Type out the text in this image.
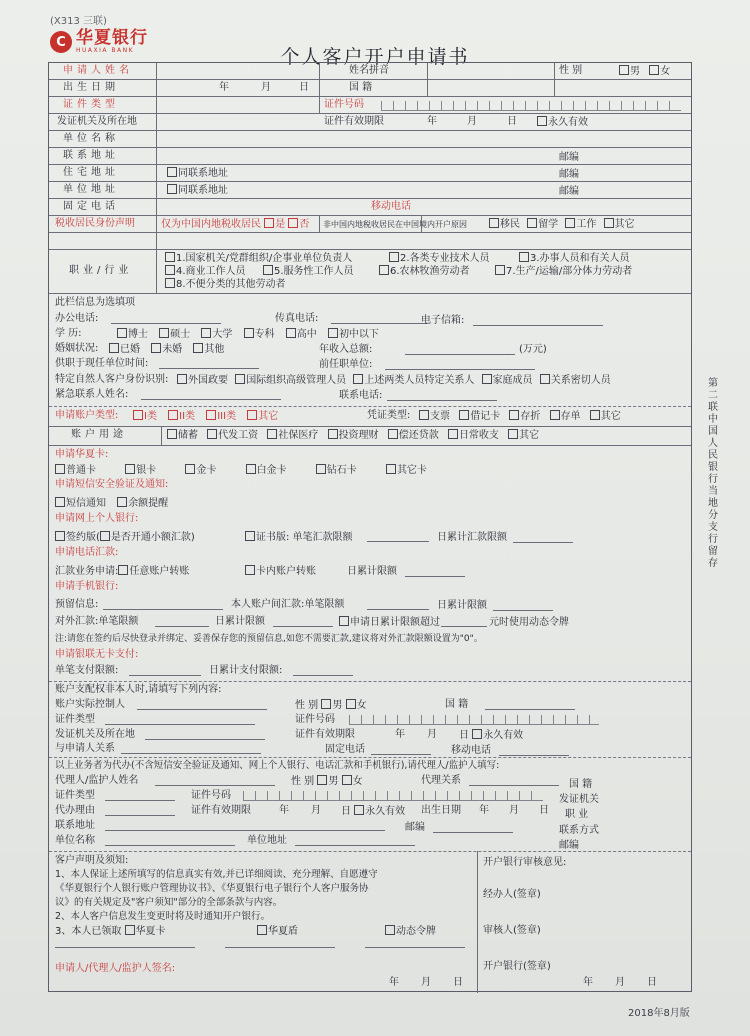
(X313 三联)
C 华夏银行
HUAXIA BANK	个人客户开户申请书
申请人姓名	姓名拼音	性 别	男 女
出生日期	年	月	日	国 籍
证件类型	证件号码
发证机关及所在地	证件有效期限	年	月	日	永久有效
单位名称
联系地址	邮编
住宅地址	同联系地址	邮编
单位地址	同联系地址	邮编
固定电话	移动电话
税收居民身份声明	仅为中国内地税收居民 是 否 非中国内地税收居民在中国境内开户原因	移民 留学 工作 其它
职业/行业
1.国家机关/党群组织/企事业单位负责人	2.各类专业技术人员	3.办事人员和有关人员
4.商业工作人员	5.服务性工作人员	6.农林牧渔劳动者	7.生产/运输/部分体力劳动者
8.不便分类的其他劳动者
此栏信息为选填项
办公电话:	传真电话:	电子信箱:
学 历:	博士 硕士 大学 专科 高中 初中以下
婚姻状况:	已婚 未婚 其他	年收入总额:	(万元)
供职于现任单位时间:	前任职单位:
特定自然人客户身份识别:	外国政要 国际组织高级管理人员 上述两类人员特定关系人 家庭成员 关系密切人员
紧急联系人姓名:	联系电话:
申请账户类型:	I类 II类 III类 其它	凭证类型:	支票 借记卡 存折 存单 其它
账户用途	储蓄 代发工资 社保医疗 投资理财 偿还贷款 日常收支 其它
申请华夏卡:
普通卡	银卡	金卡	白金卡	钻石卡	其它卡
申请短信安全验证及通知:
短信通知 余额提醒
申请网上个人银行:
签约版( 是否开通小额汇款)	证书版: 单笔汇款限额	日累计汇款限额
申请电话汇款:
汇款业务申请: 任意账户转账	卡内账户转账	日累计限额
申请手机银行:
预留信息:	本人账户间汇款:单笔限额	日累计限额
对外汇款:单笔限额	日累计限额	申请日累计限额超过	元时使用动态令牌
注:请您在签约后尽快登录并绑定、妥善保存您的预留信息,如您不需要汇款,建议将对外汇款限额设置为"0"。
申请银联无卡支付:
单笔支付限额:	日累计支付限额:
账户支配权非本人时,请填写下列内容:
账户实际控制人	性 别 男 女	国 籍
证件类型	证件号码
发证机关及所在地	证件有效期限	年 月 日 永久有效
与申请人关系	固定电话	移动电话
以上业务者为代办(不含短信安全验证及通知、网上个人银行、电话汇款和手机银行),请代理人/监护人填写:
代理人/监护人姓名	性 别 男 女	代理关系	国 籍
证件类型	证件号码	发证机关
代办理由	证件有效期限	年 月 日 永久有效 出生日期 年 月 日 职 业
联系地址	邮编	联系方式
单位名称	单位地址	邮编
客户声明及须知:
1、本人保证上述所填写的信息真实有效,并已详细阅读、充分理解、自愿遵守
《华夏银行个人银行账户管理协议书》、《华夏银行电子银行个人客户服务协
议》的有关规定及"客户须知"部分的全部条款与内容。
2、本人客户信息发生变更时将及时通知开户银行。
3、本人已领取 华夏卡	华夏盾	动态令牌
申请人/代理人/监护人签名:
年 月 日
开户银行审核意见:
经办人(签章)
审核人(签章)
开户银行(签章)
年 月 日
第二联 中国人民银行当地分支行留存
2018年8月版
